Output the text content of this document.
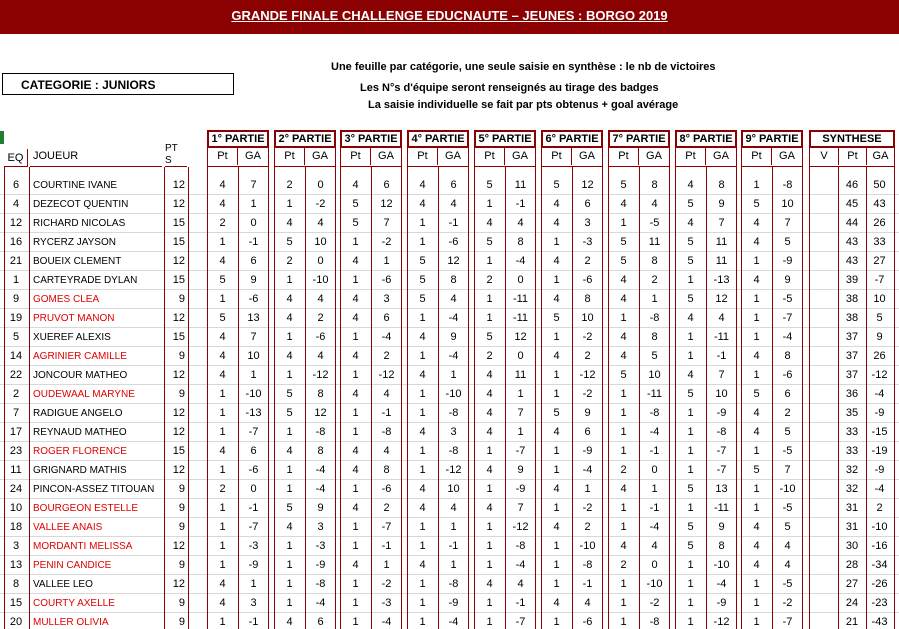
GRANDE FINALE CHALLENGE EDUCNAUTE – JEUNES : BORGO 2019
CATEGORIE : JUNIORS
Une feuille par catégorie, une seule saisie en synthèse : le nb de victoires
Les N°s d'équipe seront renseignés au tirage des badges
La saisie individuelle se fait par pts obtenus + goal avérage
EQ JOUEUR
PT
S
1° PARTIE
Pt GA
2° PARTIE
Pt GA
3° PARTIE
Pt GA
4° PARTIE
Pt GA
5° PARTIE
Pt GA
6° PARTIE
Pt GA
7° PARTIE
Pt GA
8° PARTIE
Pt GA
9° PARTIE
Pt GA
SYNTHESE
V Pt GA
6	COURTINE IVANE	12	4	7	2	0	4	6	4	6	5	11	5	12	5	8	4	8	1	-8	46	50
4	DEZECOT QUENTIN	12	4	1	1	-2	5	12	4	4	1	-1	4	6	4	4	5	9	5	10	45	43
12	RICHARD NICOLAS	15	2	0	4	4	5	7	1	-1	4	4	4	3	1	-5	4	7	4	7	44	26
16	RYCERZ JAYSON	15	1	-1	5	10	1	-2	1	-6	5	8	1	-3	5	11	5	11	4	5	43	33
21	BOUEIX CLEMENT	12	4	6	2	0	4	1	5	12	1	-4	4	2	5	8	5	11	1	-9	43	27
1	CARTEYRADE DYLAN	15	5	9	1	-10	1	-6	5	8	2	0	1	-6	4	2	1	-13	4	9	39	-7
9	GOMES CLEA	9	1	-6	4	4	4	3	5	4	1	-11	4	8	4	1	5	12	1	-5	38	10
19	PRUVOT MANON	12	5	13	4	2	4	6	1	-4	1	-11	5	10	1	-8	4	4	1	-7	38	5
5	XUEREF ALEXIS	15	4	7	1	-6	1	-4	4	9	5	12	1	-2	4	8	1	-11	1	-4	37	9
14	AGRINIER CAMILLE	9	4	10	4	4	4	2	1	-4	2	0	4	2	4	5	1	-1	4	8	37	26
22	JONCOUR MATHEO	12	4	1	1	-12	1	-12	4	1	4	11	1	-12	5	10	4	7	1	-6	37	-12
2	OUDEWAAL MARYNE	9	1	-10	5	8	4	4	1	-10	4	1	1	-2	1	-11	5	10	5	6	36	-4
7	RADIGUE ANGELO	12	1	-13	5	12	1	-1	1	-8	4	7	5	9	1	-8	1	-9	4	2	35	-9
17	REYNAUD MATHEO	12	1	-7	1	-8	1	-8	4	3	4	1	4	6	1	-4	1	-8	4	5	33	-15
23	ROGER FLORENCE	15	4	6	4	8	4	4	1	-8	1	-7	1	-9	1	-1	1	-7	1	-5	33	-19
11	GRIGNARD MATHIS	12	1	-6	1	-4	4	8	1	-12	4	9	1	-4	2	0	1	-7	5	7	32	-9
24	PINCON-ASSEZ TITOUAN	9	2	0	1	-4	1	-6	4	10	1	-9	4	1	4	1	5	13	1	-10	32	-4
10	BOURGEON ESTELLE	9	1	-1	5	9	4	2	4	4	4	7	1	-2	1	-1	1	-11	1	-5	31	2
18	VALLEE ANAIS	9	1	-7	4	3	1	-7	1	1	1	-12	4	2	1	-4	5	9	4	5	31	-10
3	MORDANTI MELISSA	12	1	-3	1	-3	1	-1	1	-1	1	-8	1	-10	4	4	5	8	4	4	30	-16
13	PENIN CANDICE	9	1	-9	1	-9	4	1	4	1	1	-4	1	-8	2	0	1	-10	4	4	28	-34
8	VALLEE LEO	12	4	1	1	-8	1	-2	1	-8	4	4	1	-1	1	-10	1	-4	1	-5	27	-26
15	COURTY AXELLE	9	4	3	1	-4	1	-3	1	-9	1	-1	4	4	1	-2	1	-9	1	-2	24	-23
20	MULLER OLIVIA	9	1	-1	4	6	1	-4	1	-4	1	-7	1	-6	1	-8	1	-12	1	-7	21	-43
